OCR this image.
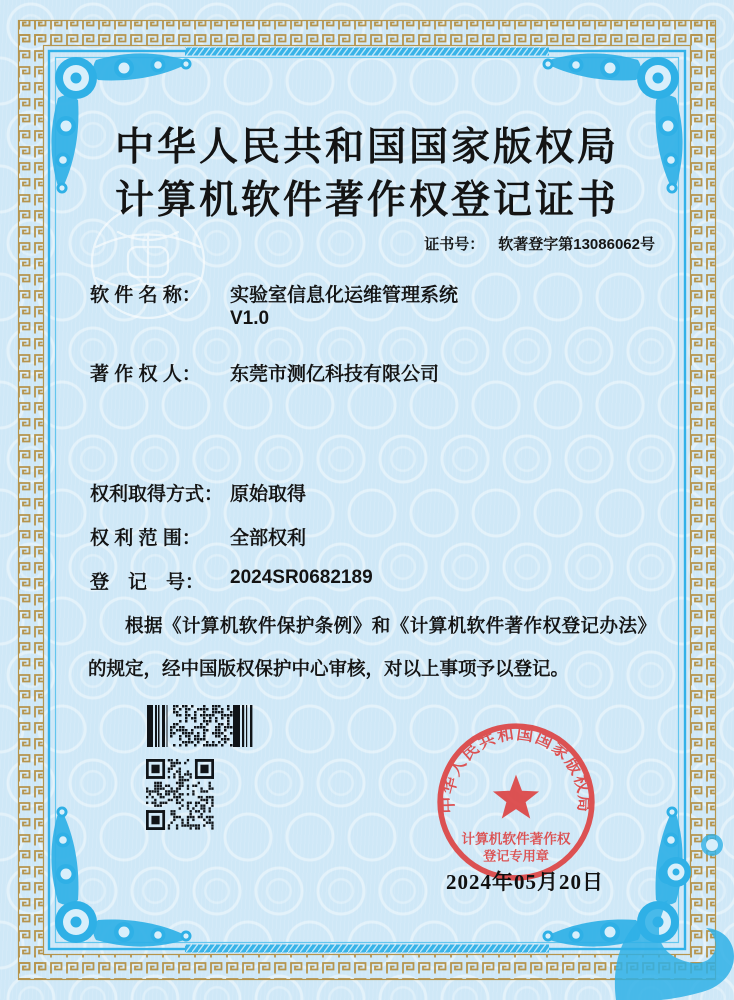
中华人民共和国国家版权局
计算机软件著作权登记证书
证书号： 软著登字第13086062号
软 件 名 称： 实验室信息化运维管理系统
V1.0
著 作 权 人： 东莞市测亿科技有限公司
权利取得方式： 原始取得
权 利 范 围： 全部权利
登　记　号： 2024SR0682189

根据《计算机软件保护条例》和《计算机软件著作权登记办法》的规定，经中国版权保护中心审核，对以上事项予以登记。

中华人民共和国国家版权局
计算机软件著作权
登记专用章
2024年05月20日
